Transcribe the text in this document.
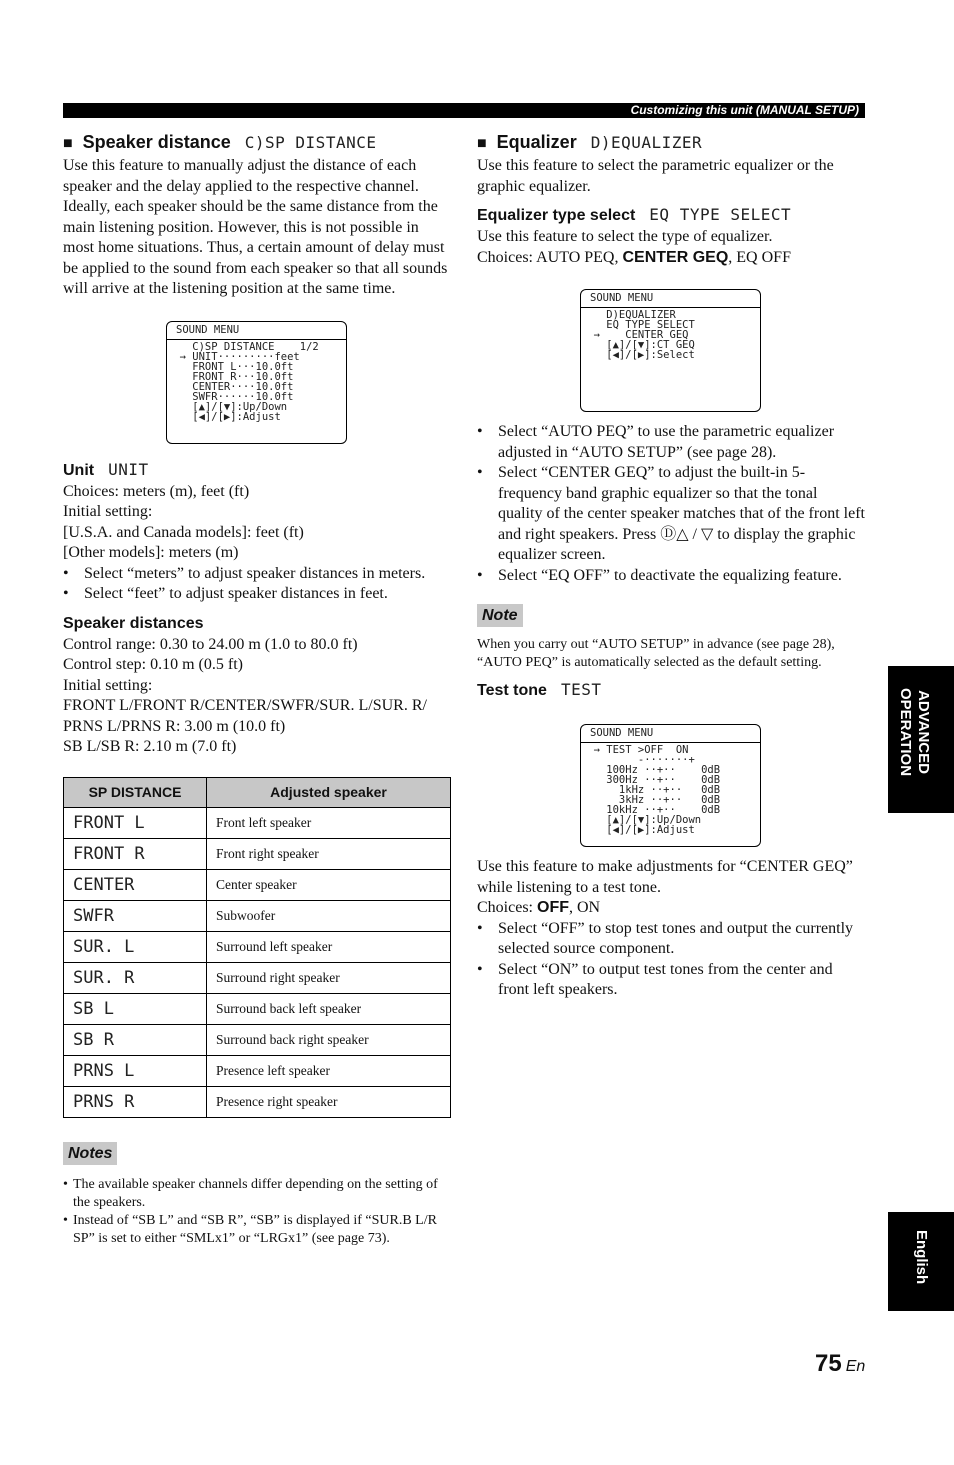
Customizing this unit (MANUAL SETUP)
■ Speaker distance C)SP DISTANCE

Use this feature to manually adjust the distance of each speaker and the delay applied to the respective channel. Ideally, each speaker should be the same distance from the main listening position. However, this is not possible in most home situations. Thus, a certain amount of delay must be applied to the sound from each speaker so that all sounds will arrive at the listening position at the same time.

SOUND MENU
C)SP DISTANCE    1/2
→ UNIT·········feet
FRONT L···10.0ft
FRONT R···10.0ft
CENTER····10.0ft
SWFR······10.0ft
[▲]/[▼]:Up/Down
[◀]/[▶]:Adjust
Unit UNIT

Choices: meters (m), feet (ft)

Initial setting:

[U.S.A. and Canada models]: feet (ft)

[Other models]: meters (m)

• Select “meters” to adjust speaker distances in meters.
• Select “feet” to adjust speaker distances in feet.
Speaker distances

Control range: 0.30 to 24.00 m (1.0 to 80.0 ft)

Control step: 0.10 m (0.5 ft)

Initial setting:

FRONT L/FRONT R/CENTER/SWFR/SUR. L/SUR. R/

PRNS L/PRNS R: 3.00 m (10.0 ft)

SB L/SB R: 2.10 m (7.0 ft)

SP DISTANCE	Adjusted speaker
FRONT L	Front left speaker
FRONT R	Front right speaker
CENTER	Center speaker
SWFR	Subwoofer
SUR. L	Surround left speaker
SUR. R	Surround right speaker
SB L	Surround back left speaker
SB R	Surround back right speaker
PRNS L	Presence left speaker
PRNS R	Presence right speaker
Notes
• The available speaker channels differ depending on the setting of the speakers.
• Instead of “SB L” and “SB R”, “SB” is displayed if “SUR.B L/R SP” is set to either “SMLx1” or “LRGx1” (see page 73).
■ Equalizer D)EQUALIZER

Use this feature to select the parametric equalizer or the graphic equalizer.

Equalizer type select EQ TYPE SELECT

Use this feature to select the type of equalizer.

Choices: AUTO PEQ, CENTER GEQ, EQ OFF

SOUND MENU
D)EQUALIZER
EQ TYPE SELECT
→    CENTER GEQ
[▲]/[▼]:CT GEQ
[◀]/[▶]:Select
• Select “AUTO PEQ” to use the parametric equalizer adjusted in “AUTO SETUP” (see page 28).
• Select “CENTER GEQ” to adjust the built-in 5-frequency band graphic equalizer so that the tonal quality of the center speaker matches that of the front left and right speakers. Press Ⓓ△ / ▽ to display the graphic equalizer screen.
• Select “EQ OFF” to deactivate the equalizing feature.
Note

When you carry out “AUTO SETUP” in advance (see page 28), “AUTO PEQ” is automatically selected as the default setting.

Test tone TEST
SOUND MENU
→ TEST >OFF  ON
-·······+
100Hz ··+··    0dB
300Hz ··+··    0dB
1kHz ··+··   0dB
3kHz ··+··   0dB
10kHz ··+··    0dB
[▲]/[▼]:Up/Down
[◀]/[▶]:Adjust

Use this feature to make adjustments for “CENTER GEQ” while listening to a test tone.

Choices: OFF, ON

• Select “OFF” to stop test tones and output the currently selected source component.
• Select “ON” to output test tones from the center and front left speakers.
ADVANCED
OPERATION
English
75 En
